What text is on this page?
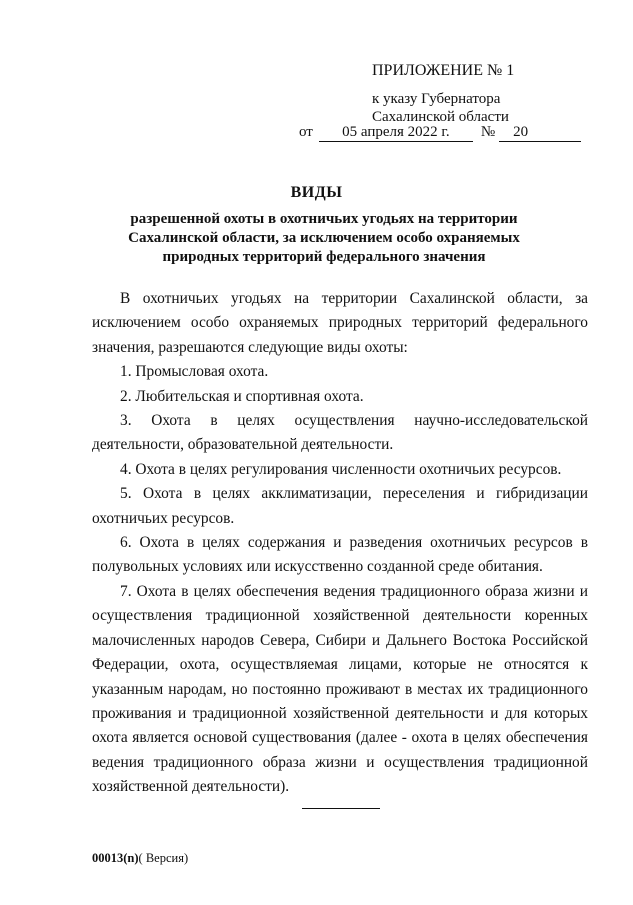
ПРИЛОЖЕНИЕ № 1
к указу Губернатора
Сахалинской области
от 05 апреля 2022 г. № 20
ВИДЫ
разрешенной охоты в охотничьих угодьях на территории Сахалинской области, за исключением особо охраняемых природных территорий федерального значения

В охотничьих угодьях на территории Сахалинской области, за исключением особо охраняемых природных территорий федерального значения, разрешаются следующие виды охоты:

1. Промысловая охота.

2. Любительская и спортивная охота.

3. Охота в целях осуществления научно-исследовательской деятельности, образовательной деятельности.

4. Охота в целях регулирования численности охотничьих ресурсов.

5. Охота в целях акклиматизации, переселения и гибридизации охотничьих ресурсов.

6. Охота в целях содержания и разведения охотничьих ресурсов в полувольных условиях или искусственно созданной среде обитания.

7. Охота в целях обеспечения ведения традиционного образа жизни и осуществления традиционной хозяйственной деятельности коренных малочисленных народов Севера, Сибири и Дальнего Востока Российской Федерации, охота, осуществляемая лицами, которые не относятся к указанным народам, но постоянно проживают в местах их традиционного проживания и традиционной хозяйственной деятельности и для которых охота является основой существования (далее - охота в целях обеспечения ведения традиционного образа жизни и осуществления традиционной хозяйственной деятельности).

00013(n)( Версия)
